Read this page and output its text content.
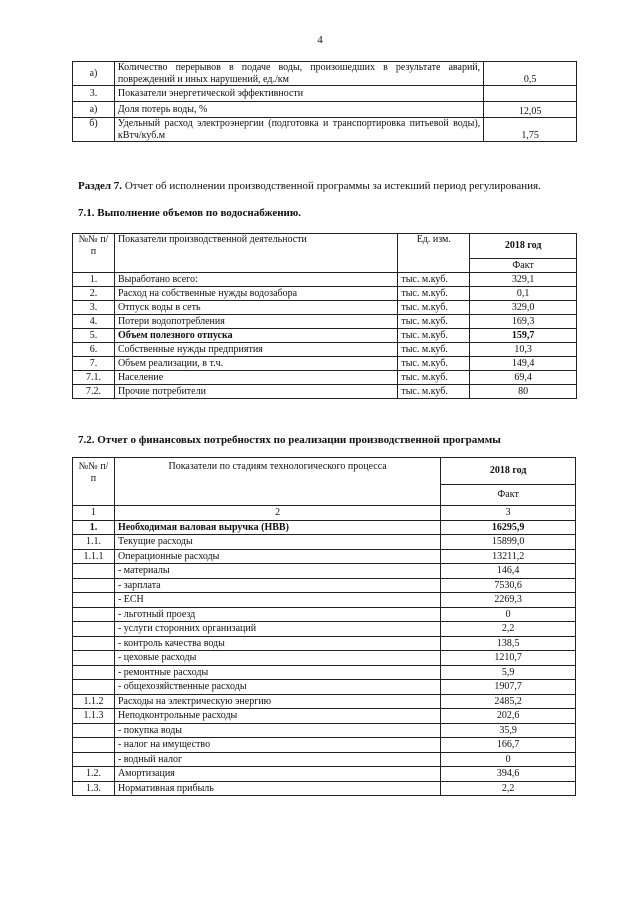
4
а)	Количество перерывов в подаче воды, произошедших в результате аварий, повреждений и иных нарушений, ед./км	0,5
3.	Показатели энергетической эффективности	
а)	Доля потерь воды, %	12,05
б)	Удельный расход электроэнергии (подготовка и транспортировка питьевой воды), кВтч/куб.м	1,75
Раздел 7. Отчет об исполнении производственной программы за истекший период регулирования.
7.1. Выполнение объемов по водоснабжению.
№№ п/п	Показатели производственной деятельности	Ед. изм.	2018 год
			Факт
1.	Выработано всего:	тыс. м.куб.	329,1
2.	Расход на собственные нужды водозабора	тыс. м.куб.	0,1
3.	Отпуск воды в сеть	тыс. м.куб.	329,0
4.	Потери водопотребления	тыс. м.куб.	169,3
5.	Объем полезного отпуска	тыс. м.куб.	159,7
6.	Собственные нужды предприятия	тыс. м.куб.	10,3
7.	Объем реализации, в т.ч.	тыс. м.куб.	149,4
7.1.	Население	тыс. м.куб.	69,4
7.2.	Прочие потребители	тыс. м.куб.	80
7.2. Отчет о финансовых потребностях по реализации производственной программы
№№ п/п	Показатели по стадиям технологического процесса	2018 год
		Факт
1	2	3
1.	Необходимая валовая выручка (НВВ)	16295,9
1.1.	Текущие расходы	15899,0
1.1.1	Операционные расходы	13211,2
	- материалы	146,4
	- зарплата	7530,6
	- ЕСН	2269,3
	- льготный проезд	0
	- услуги сторонних организаций	2,2
	- контроль качества воды	138,5
	- цеховые расходы	1210,7
	- ремонтные расходы	5,9
	- общехозяйственные расходы	1907,7
1.1.2	Расходы на электрическую энергию	2485,2
1.1.3	Неподконтрольные расходы	202,6
	- покупка воды	35,9
	- налог на имущество	166,7
	- водный налог	0
1.2.	Амортизация	394,6
1.3.	Нормативная прибыль	2,2
